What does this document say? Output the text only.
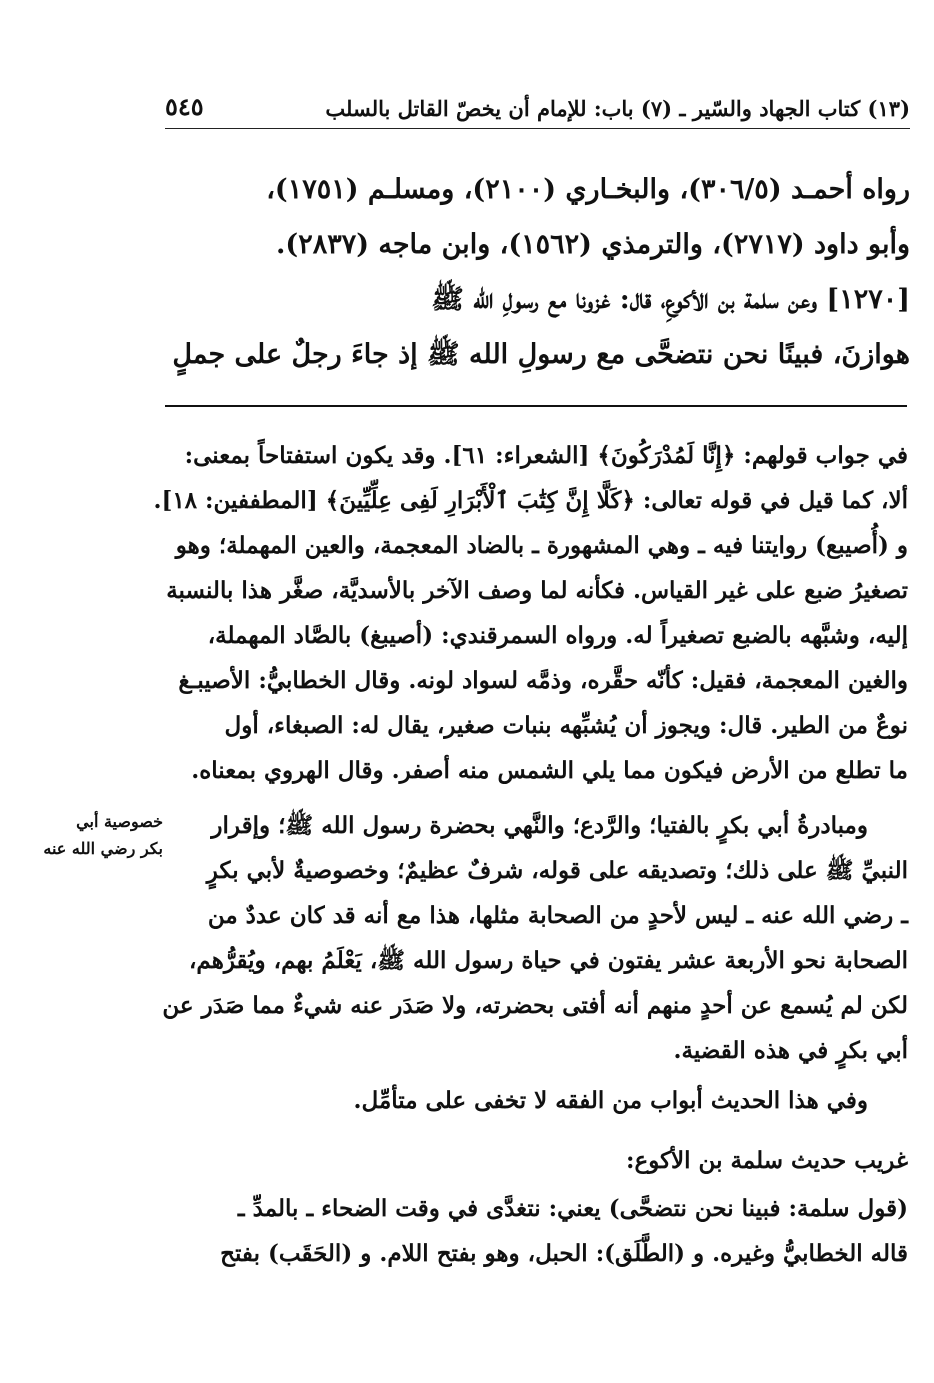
(١٣) كتاب الجهاد والسّير ـ (٧) باب: للإمام أن يخصّ القاتل بالسلب
٥٤٥
رواه أحمـد (٣٠٦/٥)، والبخـاري (٢١٠٠)، ومسلـم (١٧٥١)،
وأبو داود (٢٧١٧)، والترمذي (١٥٦٢)، وابن ماجه (٢٨٣٧).
[١٢٧٠] وعن سلمة بن الأكوعِ، قال: غزونا مع رسولِ الله ﷺ
هوازنَ، فبينًا نحن نتضحَّى مع رسولِ الله ﷺ إذ جاءَ رجلٌ على جملٍ
في جواب قولهم: ﴿إِنَّا لَمُدْرَكُونَ﴾ [الشعراء: ٦١]. وقد يكون استفتاحاً بمعنى:
ألا، كما قيل في قوله تعالى: ﴿كَلَّا إِنَّ كِتَٰبَ ٱلْأَبْرَارِ لَفِى عِلِّيِّينَ﴾ [المطففين: ١٨].
و (أُصيبع) روايتنا فيه ـ وهي المشهورة ـ بالضاد المعجمة، والعين المهملة؛ وهو
تصغيرُ ضبع على غير القياس. فكأنه لما وصف الآخر بالأسديَّة، صغَّر هذا بالنسبة
إليه، وشبَّهه بالضبع تصغيراً له. ورواه السمرقندي: (أصيبغ) بالصَّاد المهملة،
والغين المعجمة، فقيل: كأنّه حقَّره، وذمَّه لسواد لونه. وقال الخطابيُّ: الأصيبـغ
نوعٌ من الطير. قال: ويجوز أن يُشبِّهه بنبات صغير، يقال له: الصبغاء، أول
ما تطلع من الأرض فيكون مما يلي الشمس منه أصفر. وقال الهروي بمعناه.
ومبادرةُ أبي بكرٍ بالفتيا؛ والرَّدع؛ والنَّهي بحضرة رسول الله ﷺ؛ وإقرار
النبيِّ ﷺ على ذلك؛ وتصديقه على قوله، شرفٌ عظيمٌ؛ وخصوصيةٌ لأبي بكرٍ
ـ رضي الله عنه ـ ليس لأحدٍ من الصحابة مثلها، هذا مع أنه قد كان عددٌ من
الصحابة نحو الأربعة عشر يفتون في حياة رسول الله ﷺ، يَعْلَمُ بهم، ويُقرُّهم،
لكن لم يُسمع عن أحدٍ منهم أنه أفتى بحضرته، ولا صَدَر عنه شيءٌ مما صَدَر عن
أبي بكرٍ في هذه القضية.
خصوصية أبي
بكر رضي الله عنه
وفي هذا الحديث أبواب من الفقه لا تخفى على متأمِّل.
غريب حديث سلمة بن الأكوع:
(قول سلمة: فبينا نحن نتضحَّى) يعني: نتغدَّى في وقت الضحاء ـ بالمدِّ ـ
قاله الخطابيُّ وغيره. و (الطَّلَق): الحبل، وهو بفتح اللام. و (الحَقَب) بفتح
